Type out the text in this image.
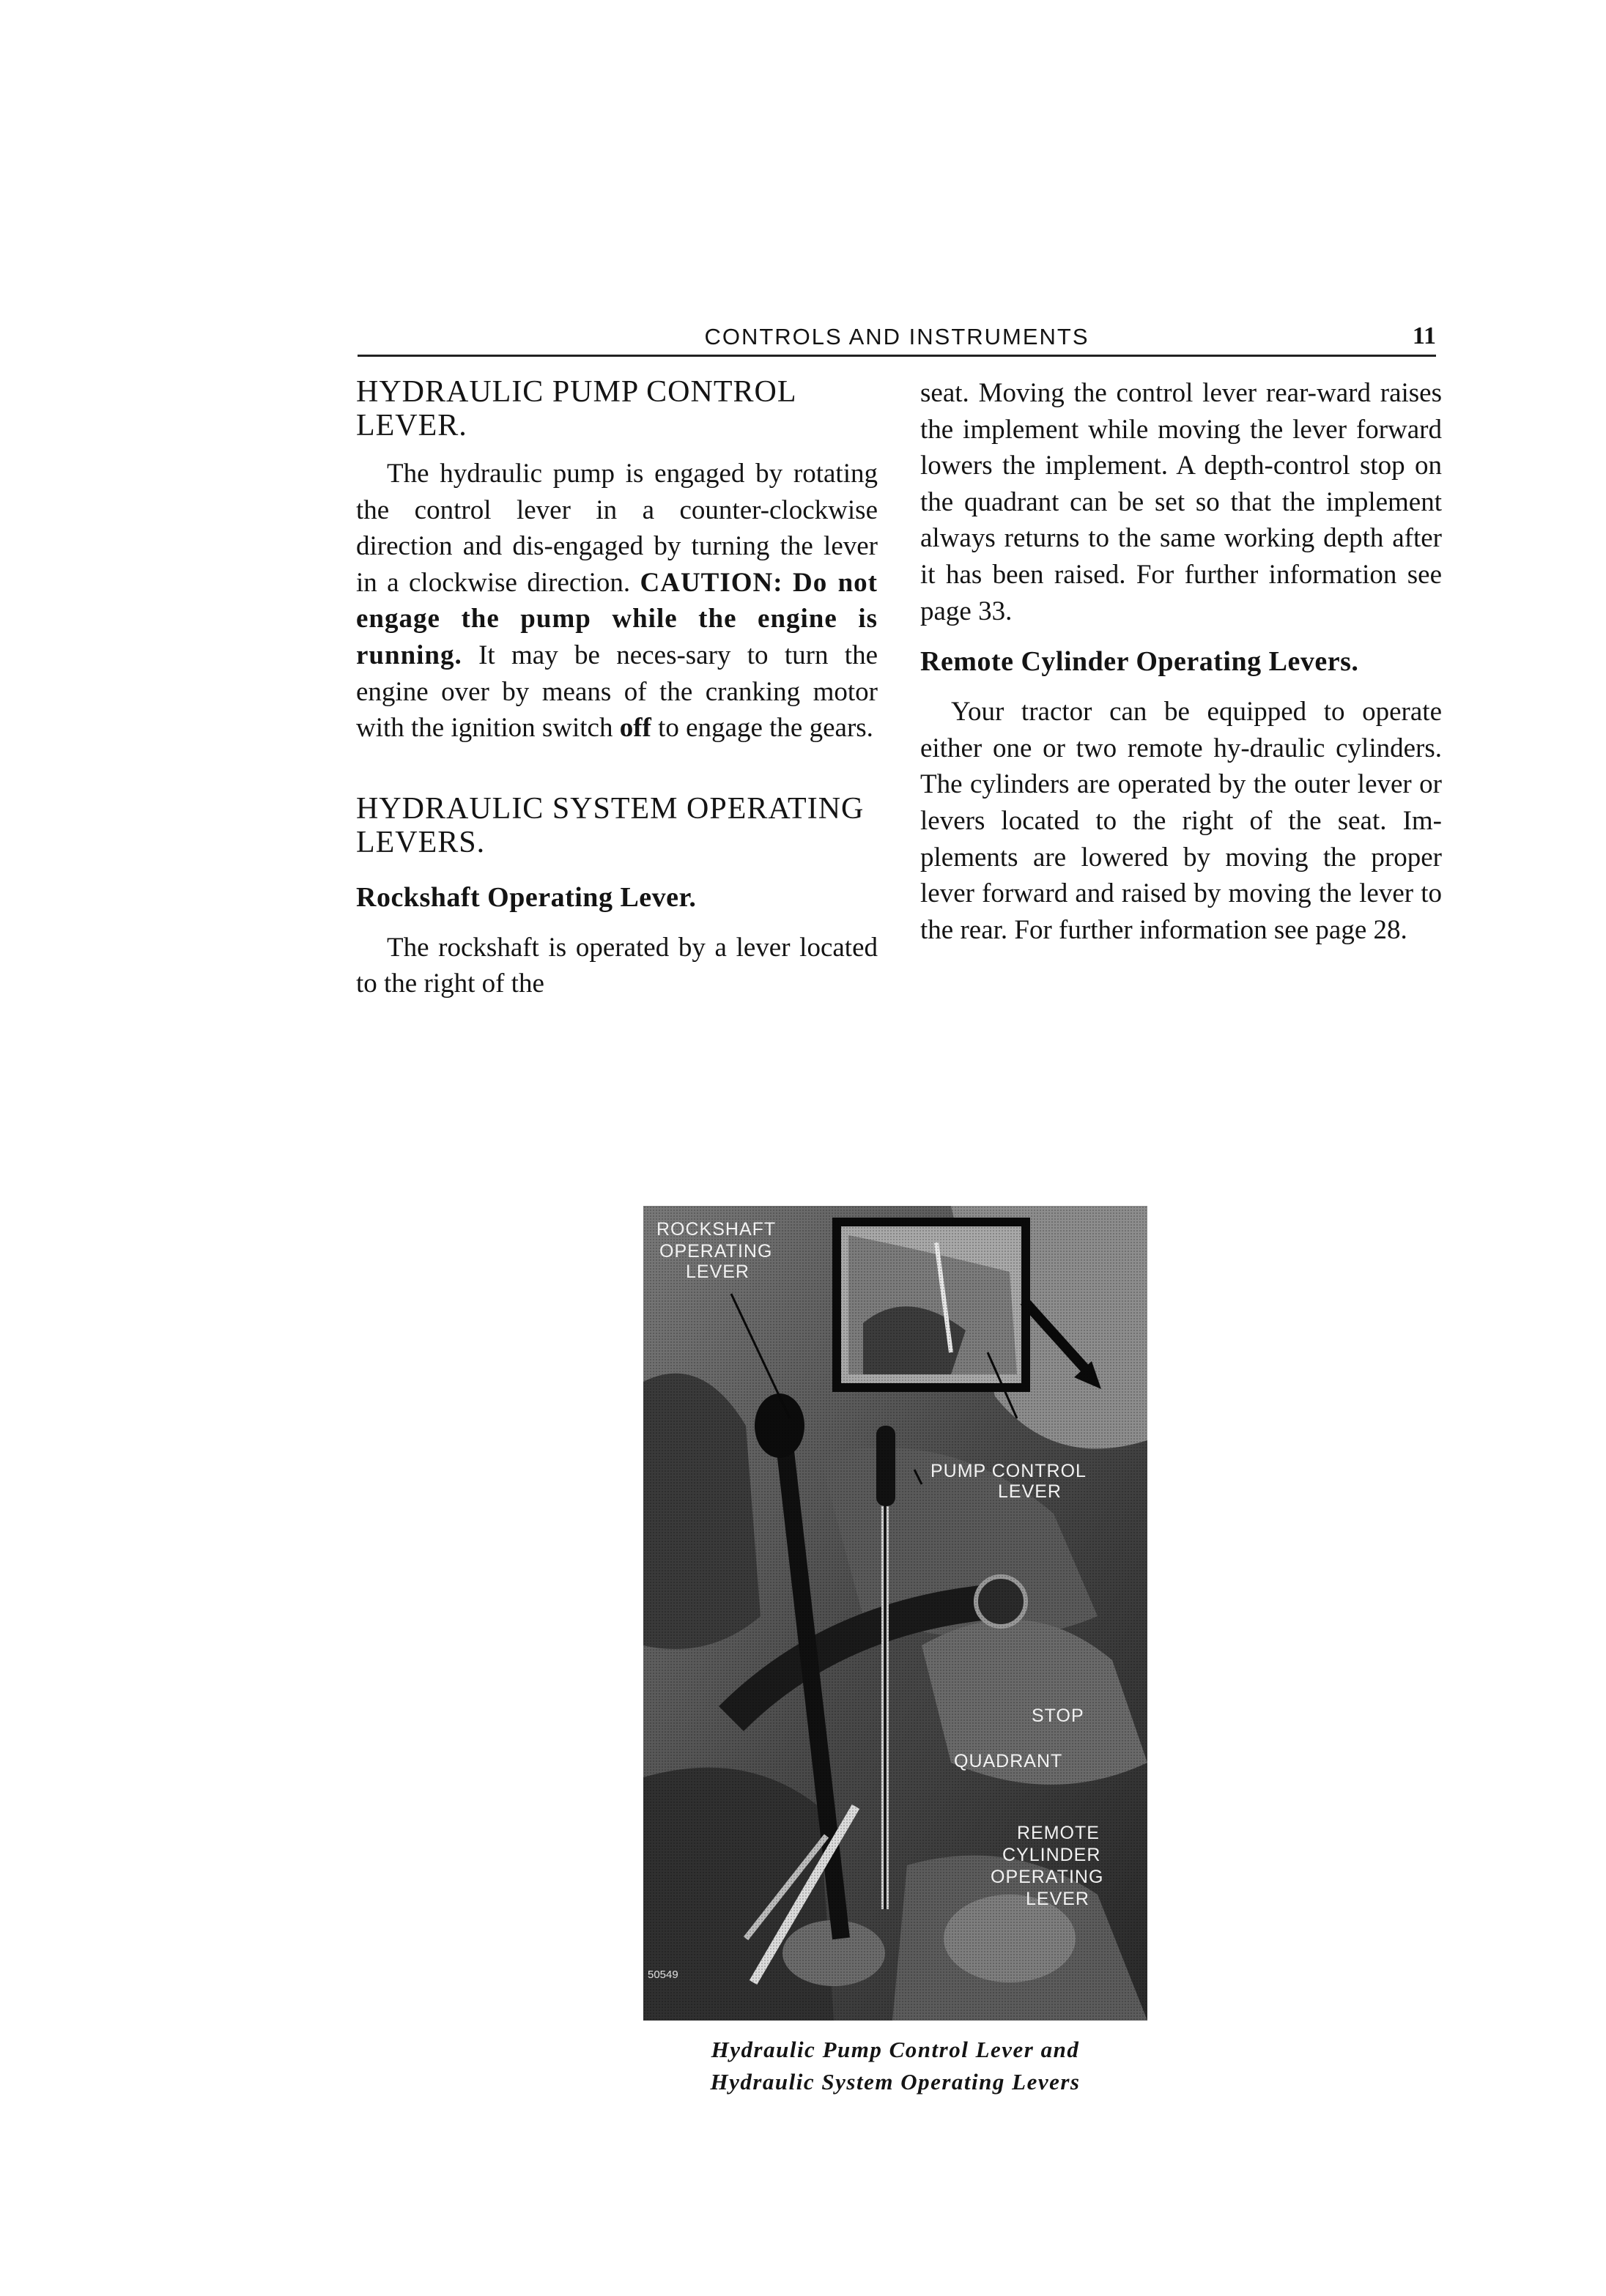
CONTROLS AND INSTRUMENTS	11
HYDRAULIC PUMP CONTROL LEVER.

The hydraulic pump is engaged by rotating the control lever in a counter-clockwise direction and dis-engaged by turning the lever in a clockwise direction. CAUTION: Do not engage the pump while the engine is running. It may be neces-sary to turn the engine over by means of the cranking motor with the ignition switch off to engage the gears.

HYDRAULIC SYSTEM OPERATING LEVERS.
Rockshaft Operating Lever.

The rockshaft is operated by a lever located to the right of the

seat. Moving the control lever rear-ward raises the implement while moving the lever forward lowers the implement. A depth-control stop on the quadrant can be set so that the implement always returns to the same working depth after it has been raised. For further information see page 33.

Remote Cylinder Operating Levers.

Your tractor can be equipped to operate either one or two remote hy-draulic cylinders. The cylinders are operated by the outer lever or levers located to the right of the seat. Im-plements are lowered by moving the proper lever forward and raised by moving the lever to the rear. For further information see page 28.

ROCKSHAFT
OPERATING
LEVER
PUMP CONTROL
LEVER
STOP
QUADRANT
REMOTE
CYLINDER
OPERATING
LEVER
50549
Hydraulic Pump Control Lever and
Hydraulic System Operating Levers
